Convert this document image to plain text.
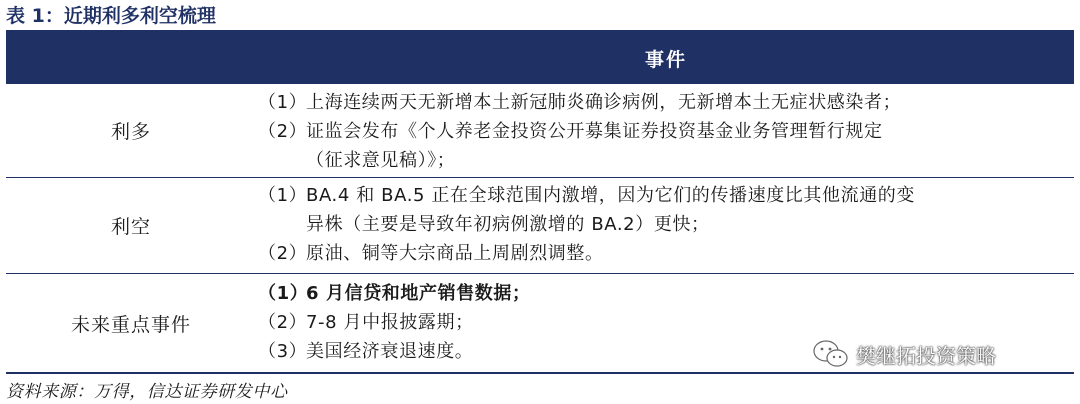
表 1：近期利多利空梳理
事件
利多
（1）上海连续两天无新增本土新冠肺炎确诊病例，无新增本土无症状感染者；
（2）证监会发布《个人养老金投资公开募集证券投资基金业务管理暂行规定
（征求意见稿）》；
利空
（1）BA.4 和 BA.5 正在全球范围内激增，因为它们的传播速度比其他流通的变
异株（主要是导致年初病例激增的 BA.2）更快；
（2）原油、铜等大宗商品上周剧烈调整。
未来重点事件
（1）6 月信贷和地产销售数据；
（2）7-8 月中报披露期；
（3）美国经济衰退速度。
资料来源：万得，信达证券研发中心
樊继拓投资策略
